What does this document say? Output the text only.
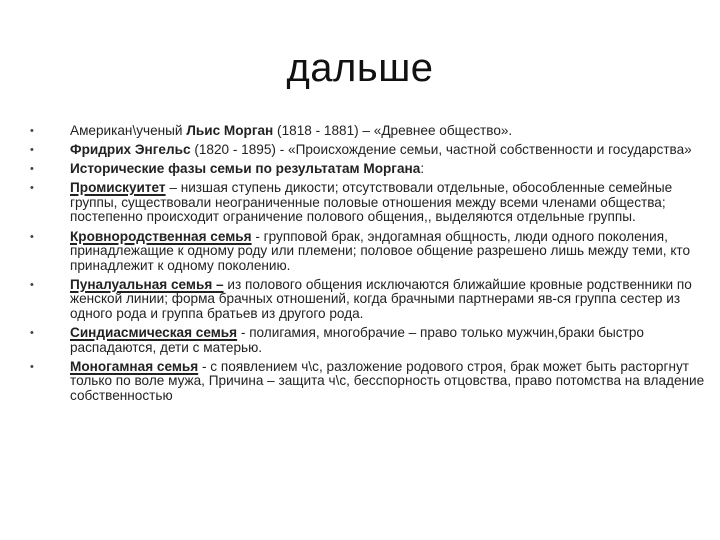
дальше
•	Американ\ученый Льис Морган (1818 - 1881) – «Древнее общество».
•	Фридрих Энгельс (1820 - 1895) - «Происхождение семьи, частной собственности и государства»
•	Исторические фазы семьи по результатам Моргана:
•	Промискуитет – низшая ступень дикости; отсутствовали отдельные, обособленные семейные группы, существовали неограниченные половые отношения между всеми членами общества; постепенно происходит ограничение полового общения,, выделяются отдельные группы.
•	Кровнородственная семья - групповой брак, эндогамная общность, люди одного поколения, принадлежащие к одному роду или племени; половое общение разрешено лишь между теми, кто принадлежит к одному поколению.
•	Пуналуальная семья – из полового общения исключаются ближайшие кровные родственники по женской линии; форма брачных отношений, когда брачными партнерами яв-ся группа сестер из одного рода и группа братьев из другого рода.
•	Синдиасмическая семья - полигамия, многобрачие – право только мужчин,браки быстро распадаются, дети с матерью.
•	Моногамная семья - с появлением ч\с, разложение родового строя, брак может быть расторгнут только по воле мужа, Причина – защита ч\с, бесспорность отцовства, право потомства на владение собственностью
